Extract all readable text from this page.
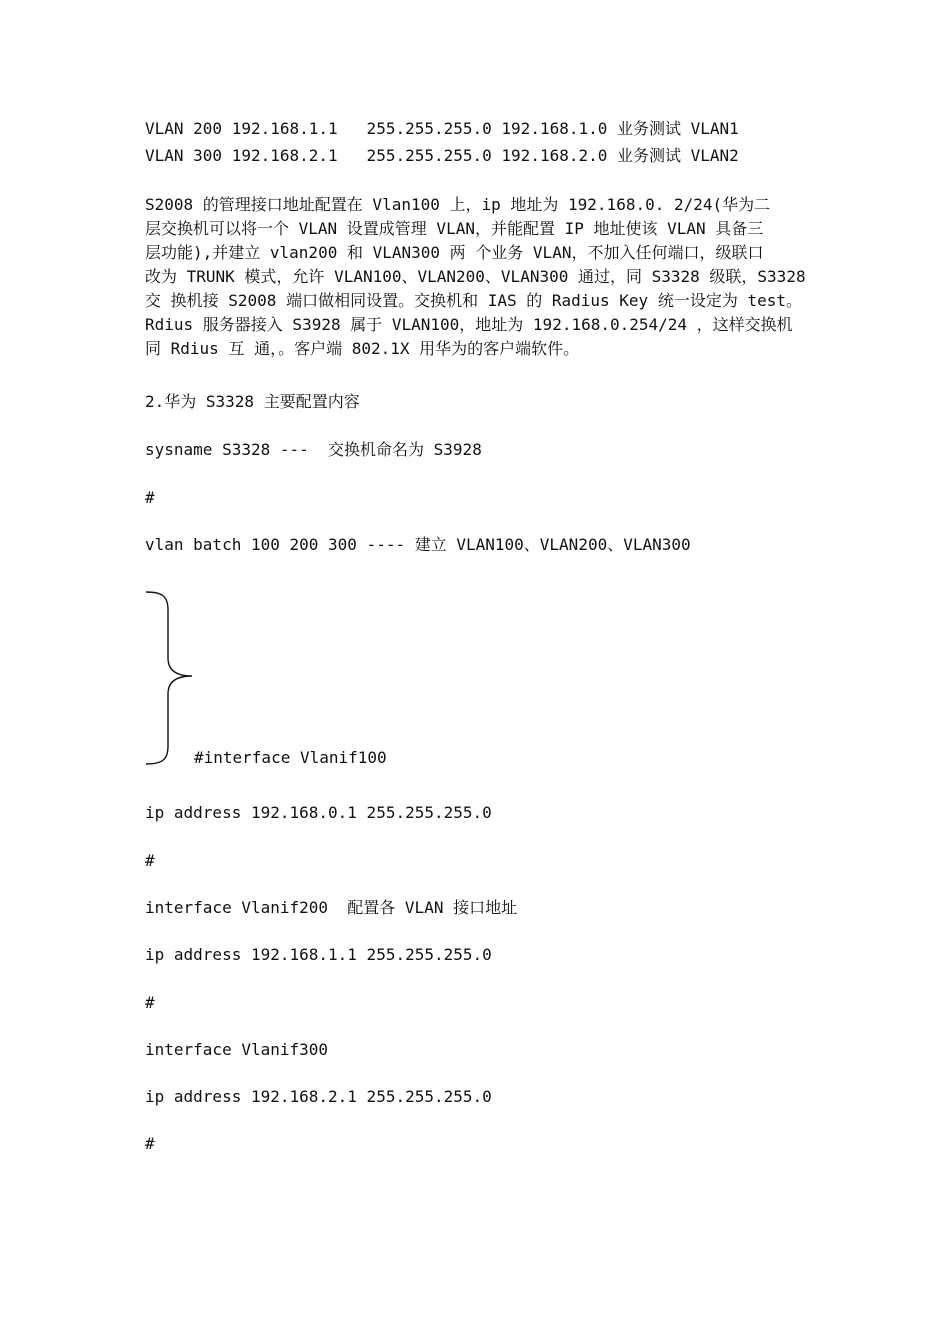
VLAN 200 192.168.1.1   255.255.255.0 192.168.1.0 业务测试 VLAN1
VLAN 300 192.168.2.1   255.255.255.0 192.168.2.0 业务测试 VLAN2
S2008 的管理接口地址配置在 Vlan100 上，ip 地址为 192.168.0. 2/24(华为二
层交换机可以将一个 VLAN 设置成管理 VLAN，并能配置 IP 地址使该 VLAN 具备三
层功能),并建立 vlan200 和 VLAN300 两 个业务 VLAN，不加入任何端口，级联口
改为 TRUNK 模式，允许 VLAN100、VLAN200、VLAN300 通过，同 S3328 级联，S3328
交 换机接 S2008 端口做相同设置。交换机和 IAS 的 Radius Key 统一设定为 test。
Rdius 服务器接入 S3928 属于 VLAN100，地址为 192.168.0.254/24 ，这样交换机
同 Rdius 互 通，。客户端 802.1X 用华为的客户端软件。
2.华为 S3328 主要配置内容
sysname S3328 ---  交换机命名为 S3928
#
vlan batch 100 200 300 ---- 建立 VLAN100、VLAN200、VLAN300
#interface Vlanif100
ip address 192.168.0.1 255.255.255.0
#
interface Vlanif200  配置各 VLAN 接口地址
ip address 192.168.1.1 255.255.255.0
#
interface Vlanif300
ip address 192.168.2.1 255.255.255.0
#
